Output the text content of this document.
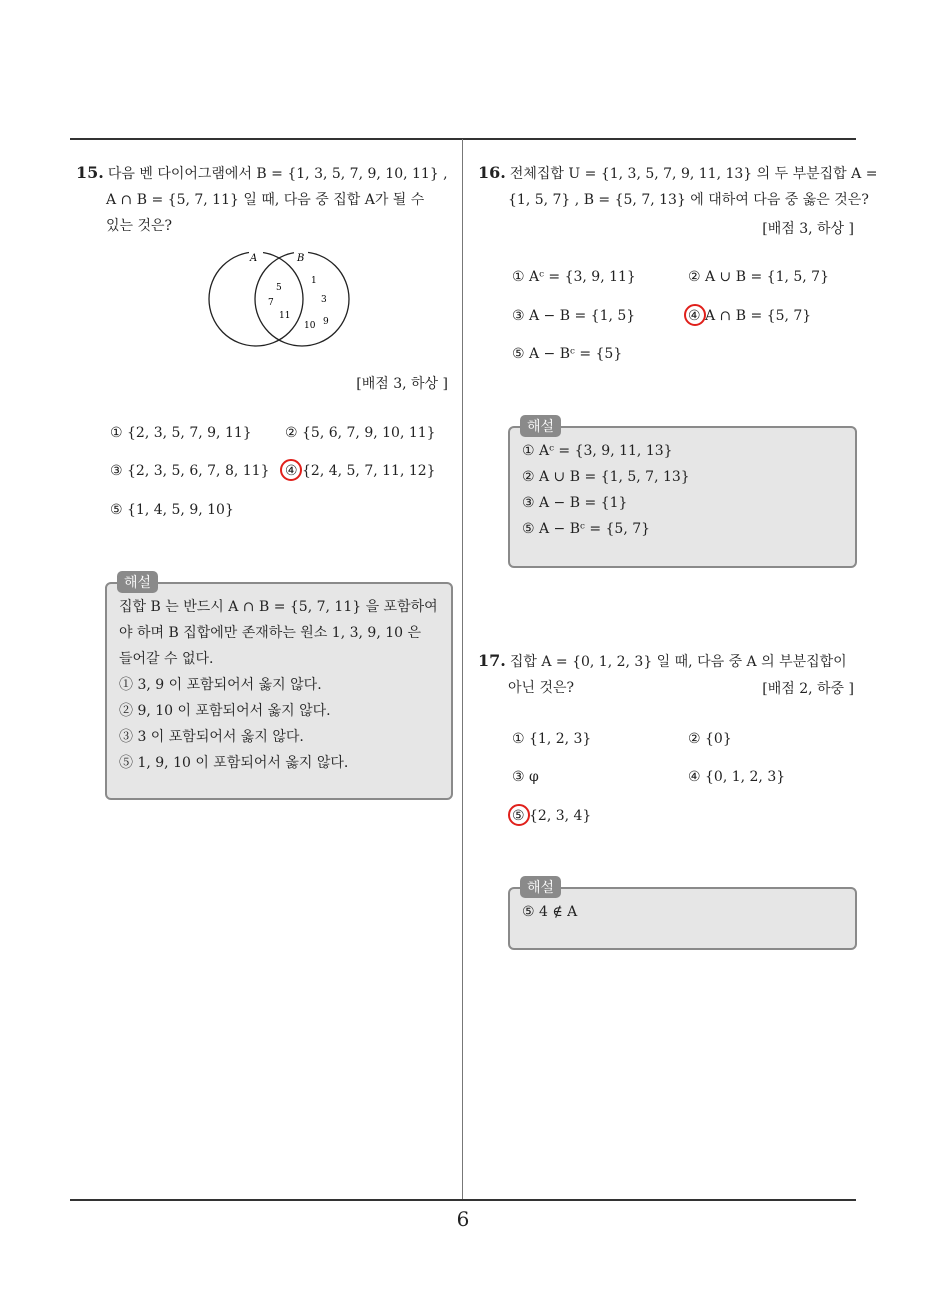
15. 다음 벤 다이어그램에서 B = {1, 3, 5, 7, 9, 10, 11} ,
A ∩ B = {5, 7, 11} 일 때, 다음 중 집합 A가 될 수
있는 것은?
A	B
5
7
11
1
3
10 9
[배점 3, 하상 ]
① {2, 3, 5, 7, 9, 11} ② {5, 6, 7, 9, 10, 11}
③ {2, 3, 5, 6, 7, 8, 11} ④ {2, 4, 5, 7, 11, 12}
⑤ {1, 4, 5, 9, 10}
해설
집합 B 는 반드시 A ∩ B = {5, 7, 11} 을 포함하여
야 하며 B 집합에만 존재하는 원소 1, 3, 9, 10 은
들어갈 수 없다.
① 3, 9 이 포함되어서 옳지 않다.
② 9, 10 이 포함되어서 옳지 않다.
③ 3 이 포함되어서 옳지 않다.
⑤ 1, 9, 10 이 포함되어서 옳지 않다.
16. 전체집합 U = {1, 3, 5, 7, 9, 11, 13} 의 두 부분집합 A =
{1, 5, 7} , B = {5, 7, 13} 에 대하여 다음 중 옳은 것은?
[배점 3, 하상 ]
① Aᶜ = {3, 9, 11}	② A ∪ B = {1, 5, 7}
③ A − B = {1, 5}	④ A ∩ B = {5, 7}
⑤ A − Bᶜ = {5}
해설
① Aᶜ = {3, 9, 11, 13}
② A ∪ B = {1, 5, 7, 13}
③ A − B = {1}
⑤ A − Bᶜ = {5, 7}
17. 집합 A = {0, 1, 2, 3} 일 때, 다음 중 A 의 부분집합이
아닌 것은?	[배점 2, 하중 ]
① {1, 2, 3}	② {0}
③ φ	④ {0, 1, 2, 3}
⑤ {2, 3, 4}
해설
⑤ 4 ∉ A
6
